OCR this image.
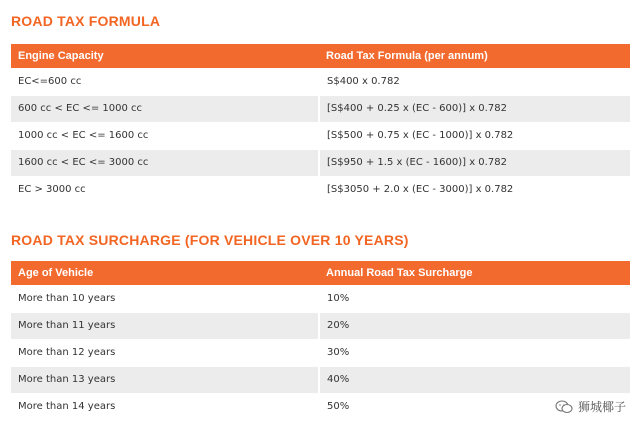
ROAD TAX FORMULA
Engine Capacity	Road Tax Formula (per annum)
EC<=600 cc	S$400 x 0.782
600 cc < EC <= 1000 cc	[S$400 + 0.25 x (EC - 600)] x 0.782
1000 cc < EC <= 1600 cc	[S$500 + 0.75 x (EC - 1000)] x 0.782
1600 cc < EC <= 3000 cc	[S$950 + 1.5 x (EC - 1600)] x 0.782
EC > 3000 cc	[S$3050 + 2.0 x (EC - 3000)] x 0.782
ROAD TAX SURCHARGE (FOR VEHICLE OVER 10 YEARS)
Age of Vehicle	Annual Road Tax Surcharge
More than 10 years	10%
More than 11 years	20%
More than 12 years	30%
More than 13 years	40%
More than 14 years	50%	狮城椰子
